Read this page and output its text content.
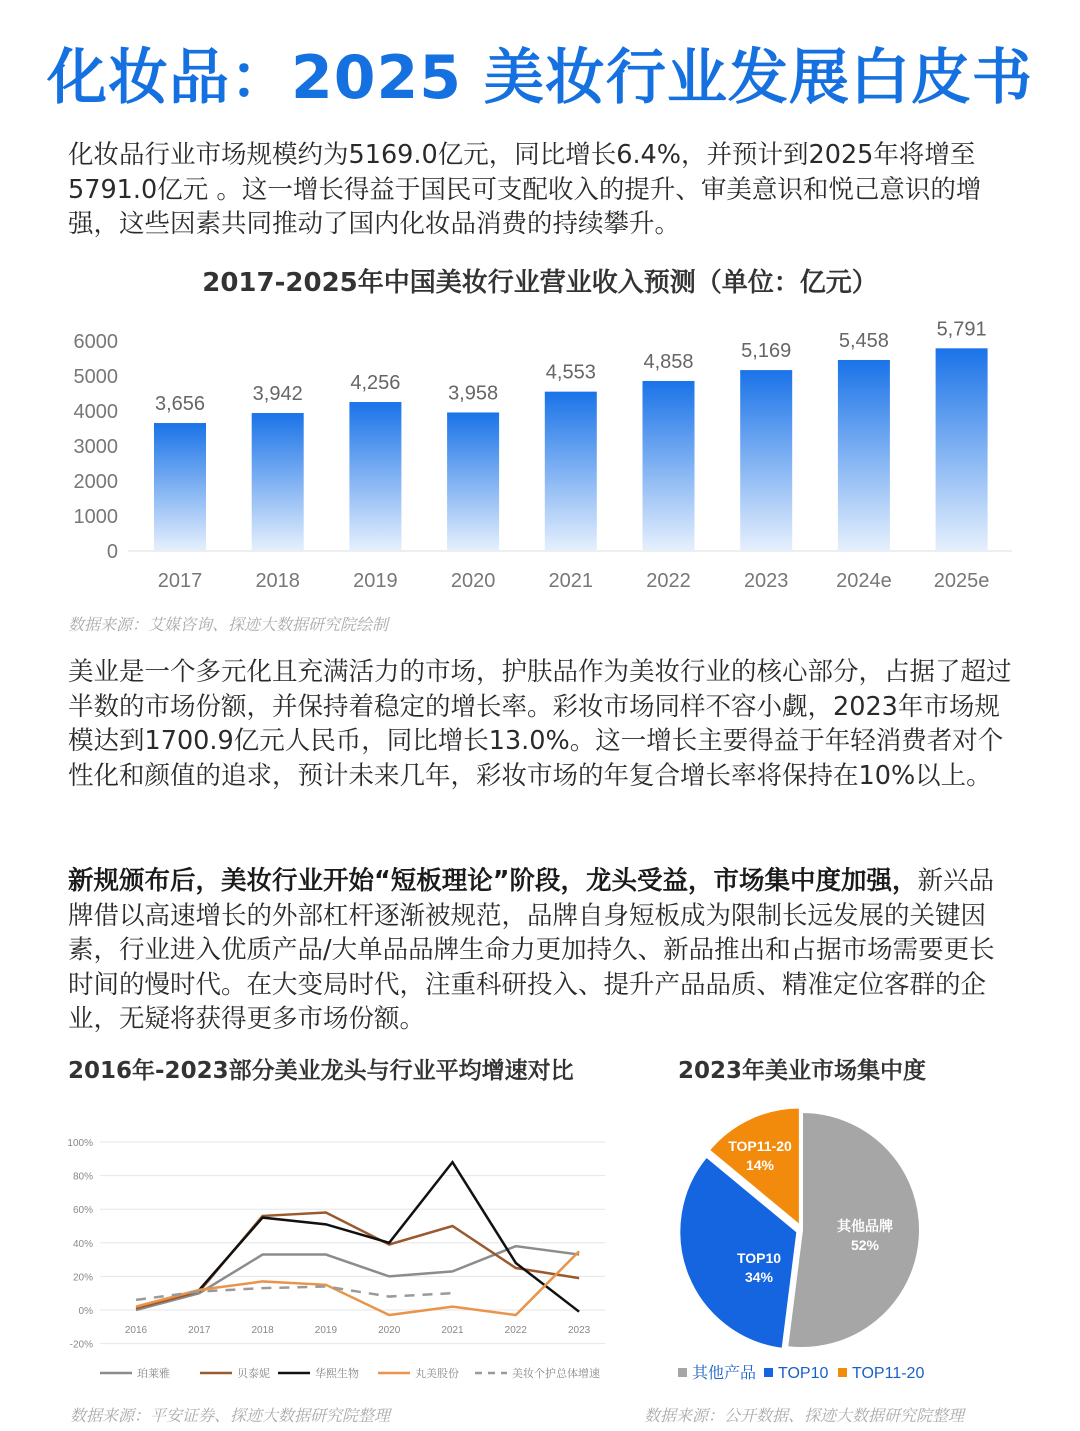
化妆品：2025 美妆行业发展白皮书
化妆品行业市场规模约为5169.0亿元，同比增长6.4%，并预计到2025年将增至5791.0亿元 。这一增长得益于国民可支配收入的提升、审美意识和悦己意识的增强，这些因素共同推动了国内化妆品消费的持续攀升。
2017-2025年中国美妆行业营业收入预测（单位：亿元）
0
1000
2000
3000
4000
5000
6000
3,656
2017
3,942
2018
4,256
2019
3,958
2020
4,553
2021
4,858
2022
5,169
2023
5,458
2024e
5,791
2025e
数据来源：艾媒咨询、探迹大数据研究院绘制
美业是一个多元化且充满活力的市场，护肤品作为美妆行业的核心部分，占据了超过半数的市场份额，并保持着稳定的增长率。彩妆市场同样不容小觑，2023年市场规模达到1700.9亿元人民币，同比增长13.0%。这一增长主要得益于年轻消费者对个性化和颜值的追求，预计未来几年，彩妆市场的年复合增长率将保持在10%以上。
新规颁布后，美妆行业开始“短板理论”阶段，龙头受益，市场集中度加强，新兴品牌借以高速增长的外部杠杆逐渐被规范，品牌自身短板成为限制长远发展的关键因素，行业进入优质产品/大单品品牌生命力更加持久、新品推出和占据市场需要更长时间的慢时代。在大变局时代，注重科研投入、提升产品品质、精准定位客群的企业，无疑将获得更多市场份额。
2016年-2023部分美业龙头与行业平均增速对比
-20%
0%
20%
40%
60%
80%
100%
2016	2017	2018	2019	2020	2021	2022	2023
珀莱雅	贝泰妮	华熙生物	丸美股份	美妆个护总体增速
数据来源：平安证券、探迹大数据研究院整理
2023年美业市场集中度
其他品牌
52%
TOP10
34%
TOP11-20
14%
其他产品 TOP10 TOP11-20
数据来源：公开数据、探迹大数据研究院整理
